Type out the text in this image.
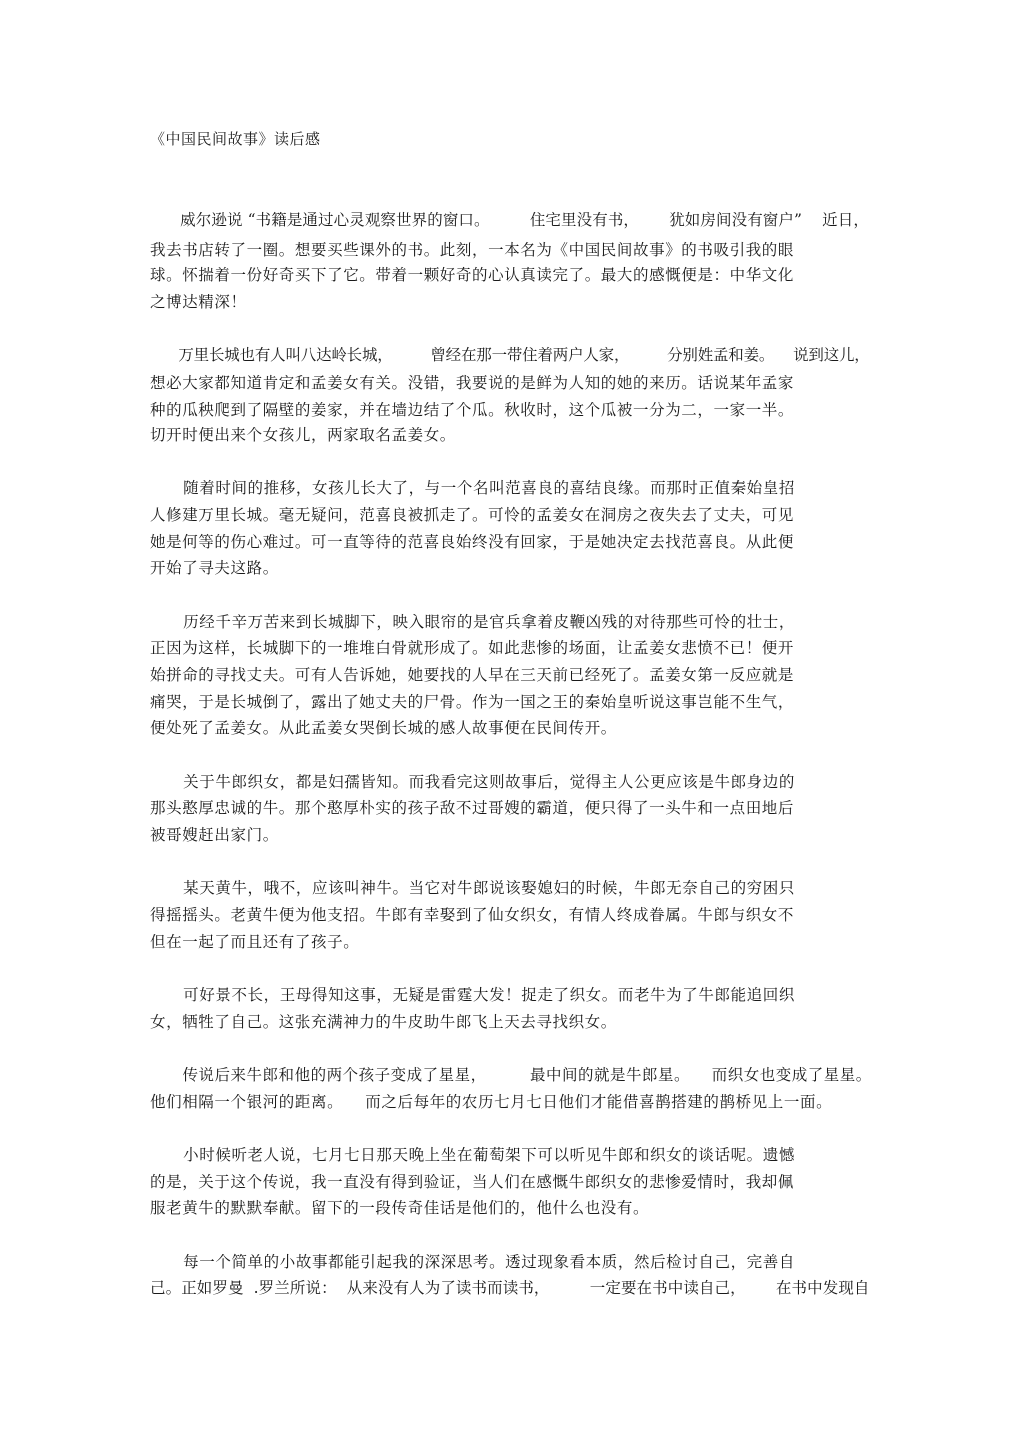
《中国民间故事》读后感
威尔逊说 “书籍是通过心灵观察世界的窗口。        住宅里没有书，      犹如房间没有窗户”    近日，
我去书店转了一圈。想要买些课外的书。此刻，一本名为《中国民间故事》的书吸引我的眼
球。怀揣着一份好奇买下了它。带着一颗好奇的心认真读完了。最大的感慨便是：中华文化
之博达精深！
万里长城也有人叫八达岭长城，        曾经在那一带住着两户人家，        分别姓孟和姜。    说到这儿，
想必大家都知道肯定和孟姜女有关。没错，我要说的是鲜为人知的她的来历。话说某年孟家
种的瓜秧爬到了隔壁的姜家，并在墙边结了个瓜。秋收时，这个瓜被一分为二，一家一半。
切开时便出来个女孩儿，两家取名孟姜女。
随着时间的推移，女孩儿长大了，与一个名叫范喜良的喜结良缘。而那时正值秦始皇招
人修建万里长城。毫无疑问，范喜良被抓走了。可怜的孟姜女在洞房之夜失去了丈夫，可见
她是何等的伤心难过。可一直等待的范喜良始终没有回家，于是她决定去找范喜良。从此便
开始了寻夫这路。
历经千辛万苦来到长城脚下，映入眼帘的是官兵拿着皮鞭凶残的对待那些可怜的壮士，
正因为这样，长城脚下的一堆堆白骨就形成了。如此悲惨的场面，让孟姜女悲愤不已！便开
始拼命的寻找丈夫。可有人告诉她，她要找的人早在三天前已经死了。孟姜女第一反应就是
痛哭，于是长城倒了，露出了她丈夫的尸骨。作为一国之王的秦始皇听说这事岂能不生气，
便处死了孟姜女。从此孟姜女哭倒长城的感人故事便在民间传开。
关于牛郎织女，都是妇孺皆知。而我看完这则故事后，觉得主人公更应该是牛郎身边的
那头憨厚忠诚的牛。那个憨厚朴实的孩子敌不过哥嫂的霸道，便只得了一头牛和一点田地后
被哥嫂赶出家门。
某天黄牛，哦不，应该叫神牛。当它对牛郎说该娶媳妇的时候，牛郎无奈自己的穷困只
得摇摇头。老黄牛便为他支招。牛郎有幸娶到了仙女织女，有情人终成眷属。牛郎与织女不
但在一起了而且还有了孩子。
可好景不长，王母得知这事，无疑是雷霆大发！捉走了织女。而老牛为了牛郎能追回织
女，牺牲了自己。这张充满神力的牛皮助牛郎飞上天去寻找织女。
传说后来牛郎和他的两个孩子变成了星星，        最中间的就是牛郎星。    而织女也变成了星星。
他们相隔一个银河的距离。    而之后每年的农历七月七日他们才能借喜鹊搭建的鹊桥见上一面。
小时候听老人说，七月七日那天晚上坐在葡萄架下可以听见牛郎和织女的谈话呢。遗憾
的是，关于这个传说，我一直没有得到验证，当人们在感慨牛郎织女的悲惨爱情时，我却佩
服老黄牛的默默奉献。留下的一段传奇佳话是他们的，他什么也没有。
每一个简单的小故事都能引起我的深深思考。透过现象看本质，然后检讨自己，完善自
己。正如罗曼  .罗兰所说：  从来没有人为了读书而读书，        一定要在书中读自己，      在书中发现自
